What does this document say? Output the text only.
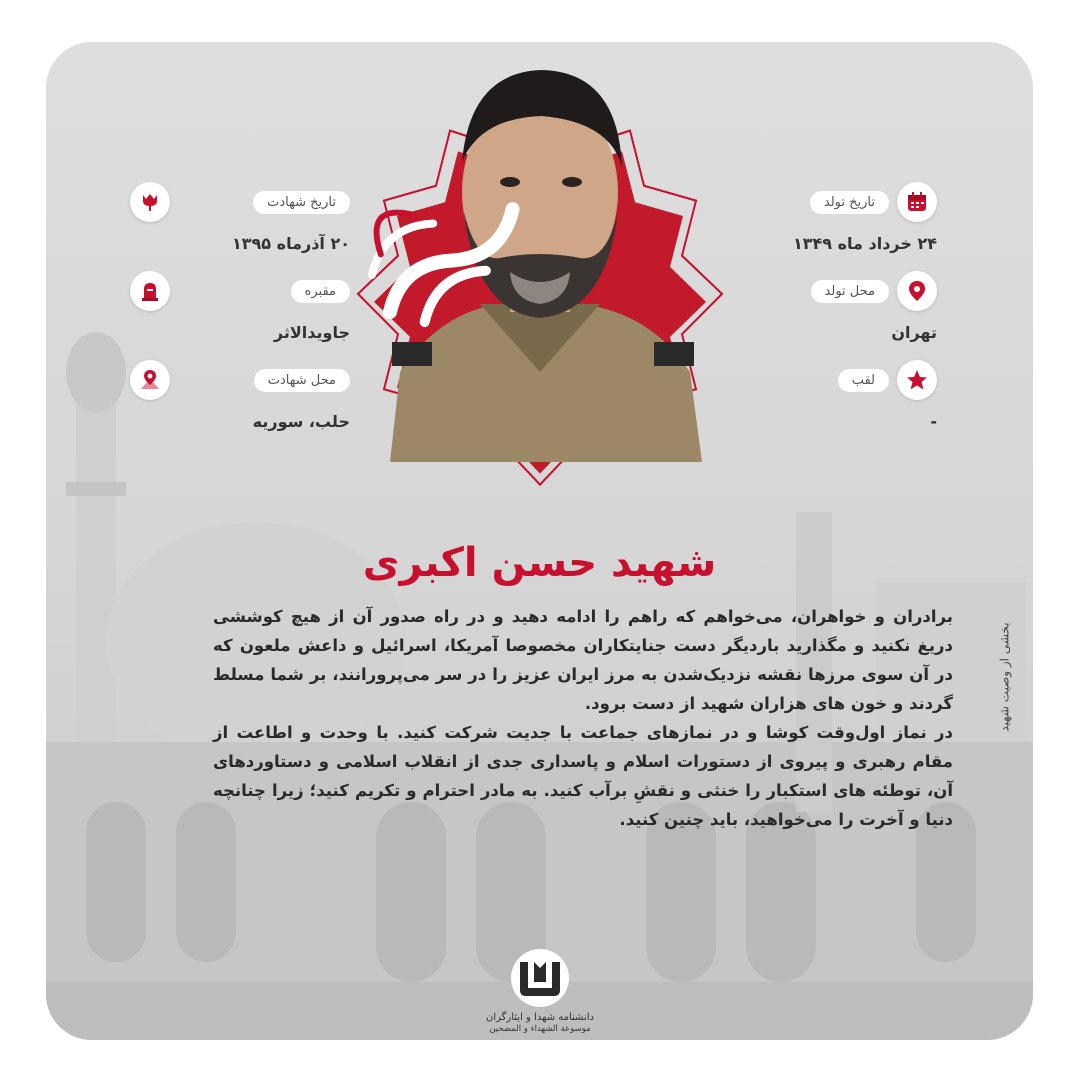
تاریخ تولد
۲۴ خرداد ماه ۱۳۴۹
محل تولد
تهران
لقب
-
تاریخ شهادت
۲۰ آذرماه ۱۳۹۵
مقبره
جاویدالاثر
محل شهادت
حلب، سوریه
شهید حسن اکبری
بخشی از وصیت شهید

برادران و خواهران، می‌خواهم که راهم را ادامه دهید و در راه صدور آن از هیچ کوششی دریغ نکنید و مگذارید باردیگر دست جنایتکاران مخصوصا آمریکا، اسرائیل و داعش ملعون که در آن سوی مرزها نقشه نزدیک‌شدن به مرز ایران عزیز را در سر می‌پرورانند، بر شما مسلط گردند و خون های هزاران شهید از دست برود.

در نماز اول‌وقت کوشا و در نمازهای جماعت با جدیت شرکت کنید. با وحدت و اطاعت از مقام رهبری و پیروی از دستورات اسلام و پاسداری جدی از انقلاب اسلامی و دستاوردهای آن، توطئه های استکبار را خنثی و نقشِ برآب کنید. به مادر احترام و تکریم کنید؛ زیرا چنانچه دنیا و آخرت را می‌خواهید، باید چنین کنید.

دانشنامه شهدا و ایثارگران
موسوعة الشهداء و المضحین
